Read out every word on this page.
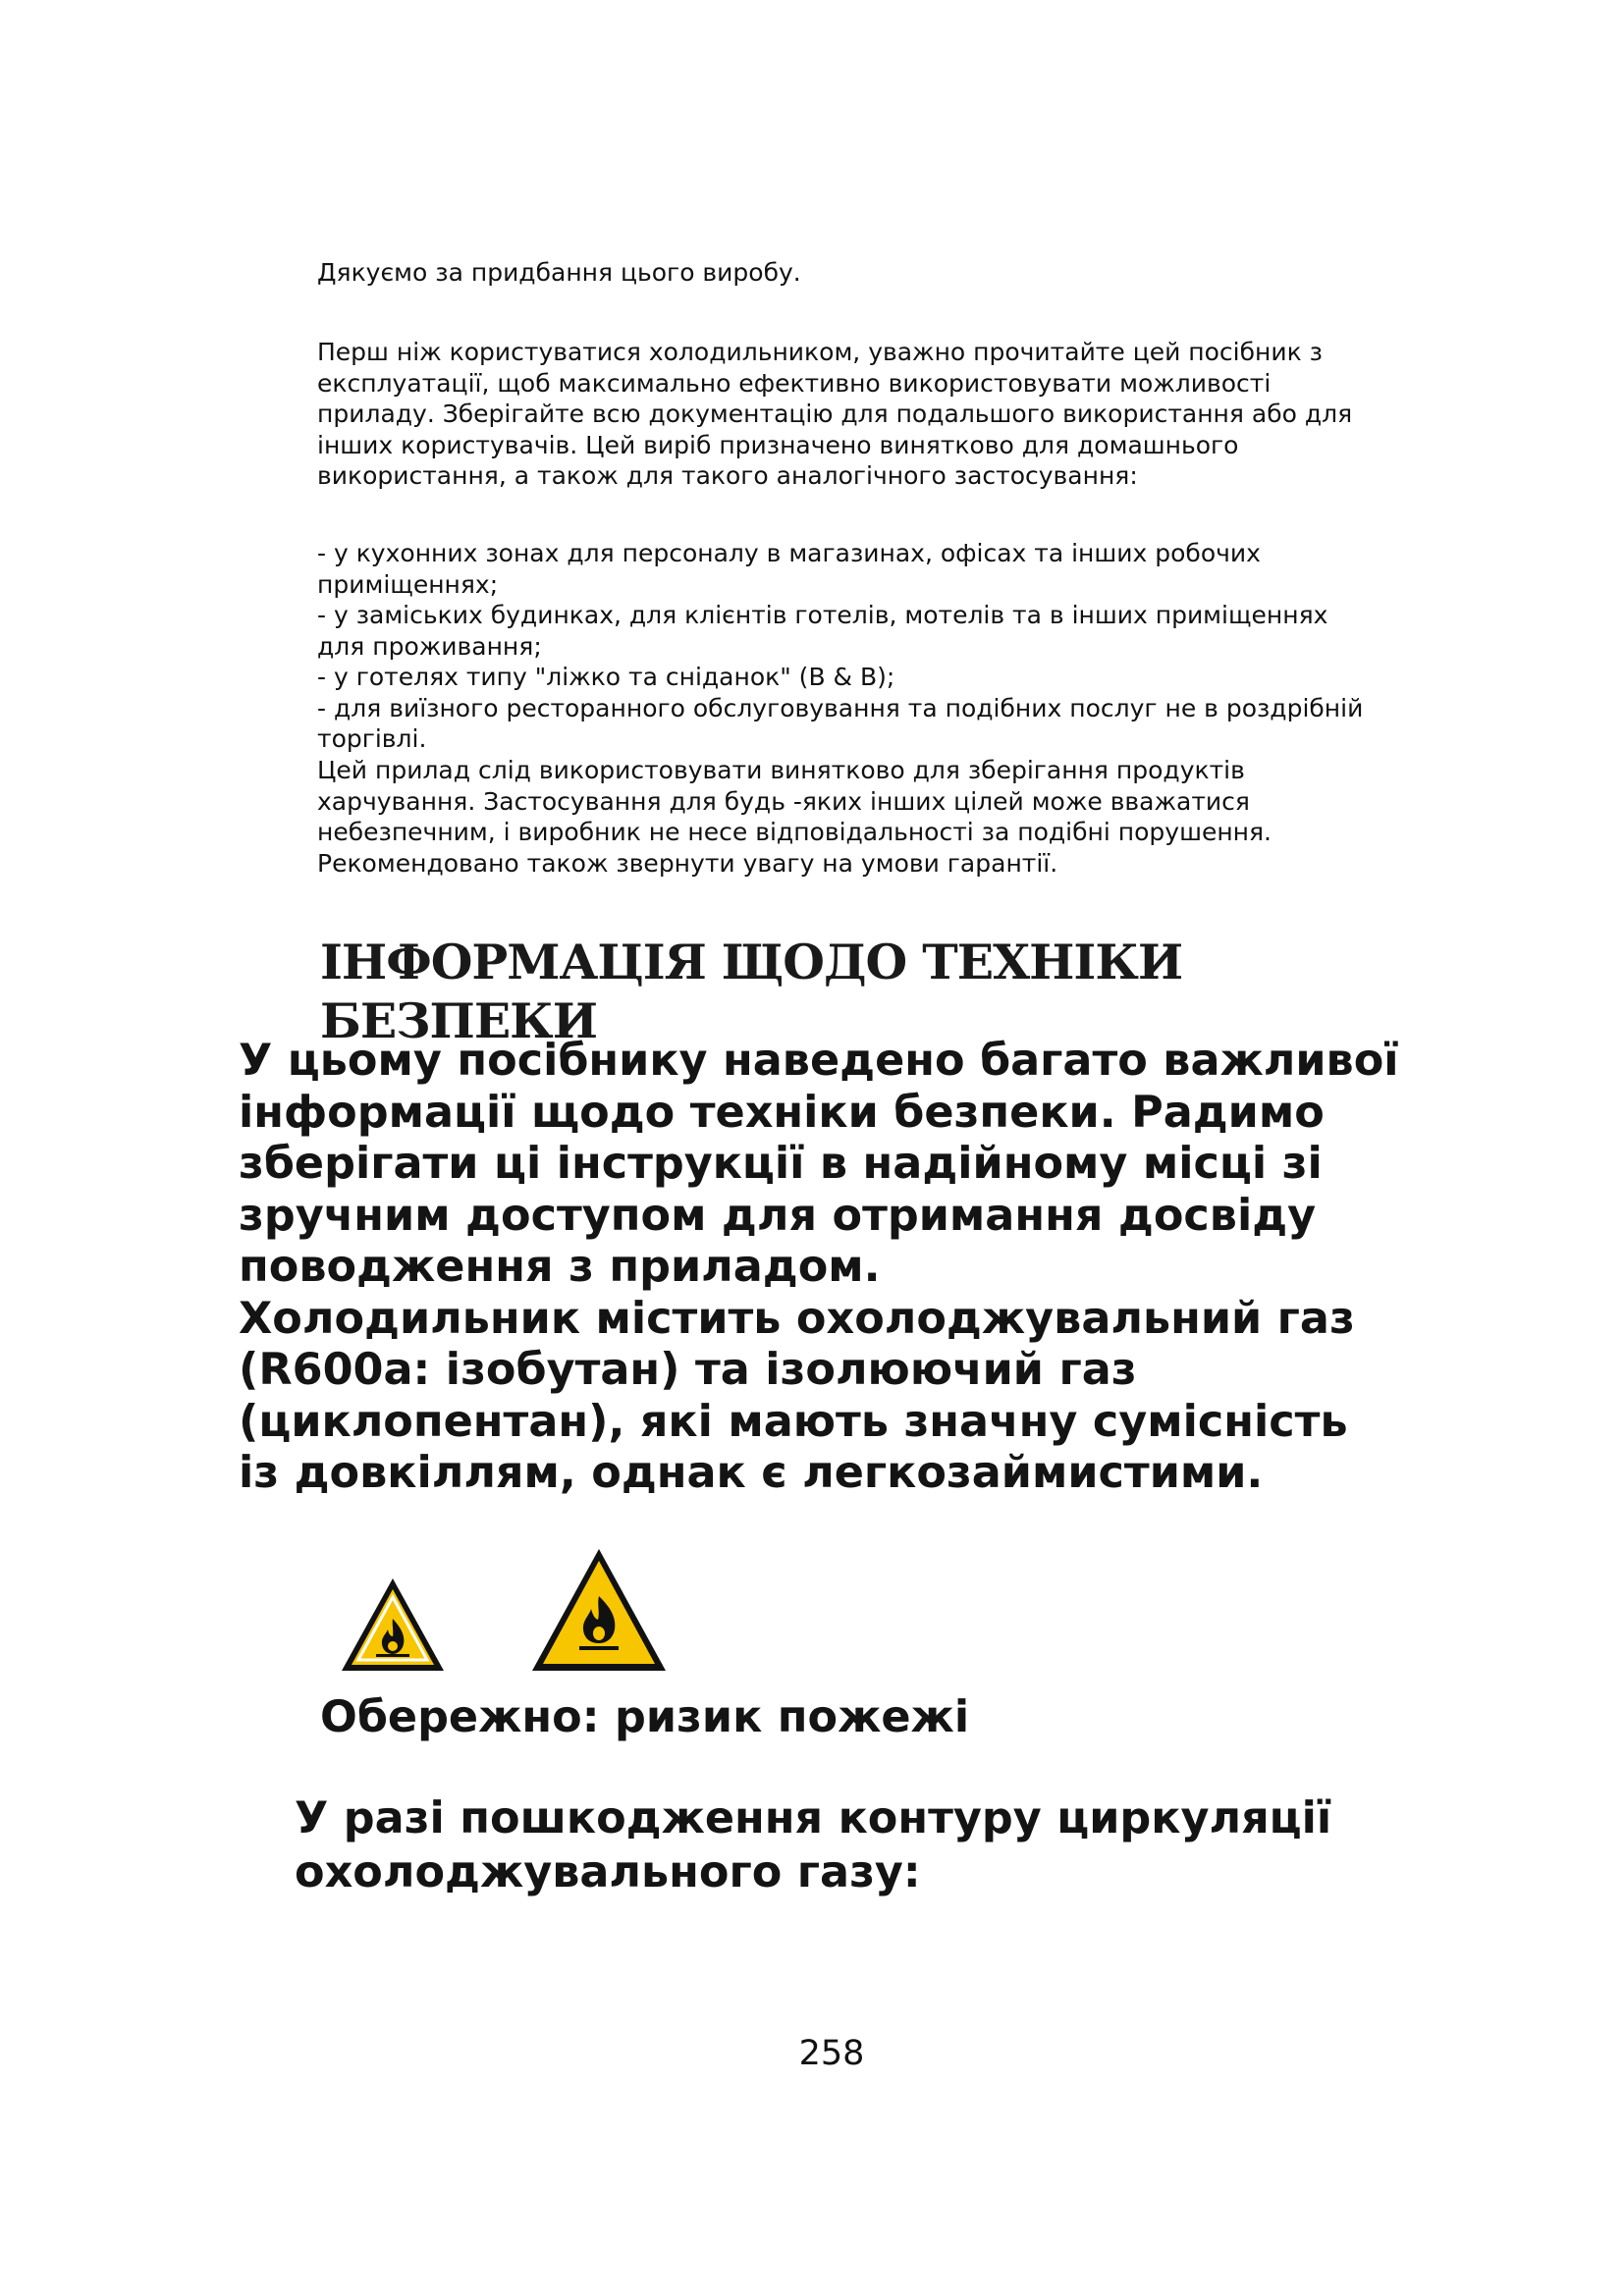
Дякуємо за придбання цього виробу.

Перш ніж користуватися холодильником, уважно прочитайте цей посібник з

експлуатації, щоб максимально ефективно використовувати можливості

приладу. Зберігайте всю документацію для подальшого використання або для

інших користувачів. Цей виріб призначено винятково для домашнього

використання, а також для такого аналогічного застосування:

- у кухонних зонах для персоналу в магазинах, офісах та інших робочих

приміщеннях;

- у заміських будинках, для клієнтів готелів, мотелів та в інших приміщеннях

для проживання;

- у готелях типу "ліжко та сніданок" (B & B);

- для виїзного ресторанного обслуговування та подібних послуг не в роздрібній

торгівлі.

Цей прилад слід використовувати винятково для зберігання продуктів

харчування. Застосування для будь -яких інших цілей може вважатися

небезпечним, і виробник не несе відповідальності за подібні порушення.

Рекомендовано також звернути увагу на умови гарантії.

ІНФОРМАЦІЯ ЩОДО ТЕХНІКИ БЕЗПЕКИ

У цьому посібнику наведено багато важливої

інформації щодо техніки безпеки. Радимо

зберігати ці інструкції в надійному місці зі

зручним доступом для отримання досвіду

поводження з приладом.

Холодильник містить охолоджувальний газ

(R600a: ізобутан) та ізолюючий газ

(циклопентан), які мають значну сумісність

із довкіллям, однак є легкозаймистими.

Обережно: ризик пожежі

У разі пошкодження контуру циркуляції
охолоджувального газу:
258
